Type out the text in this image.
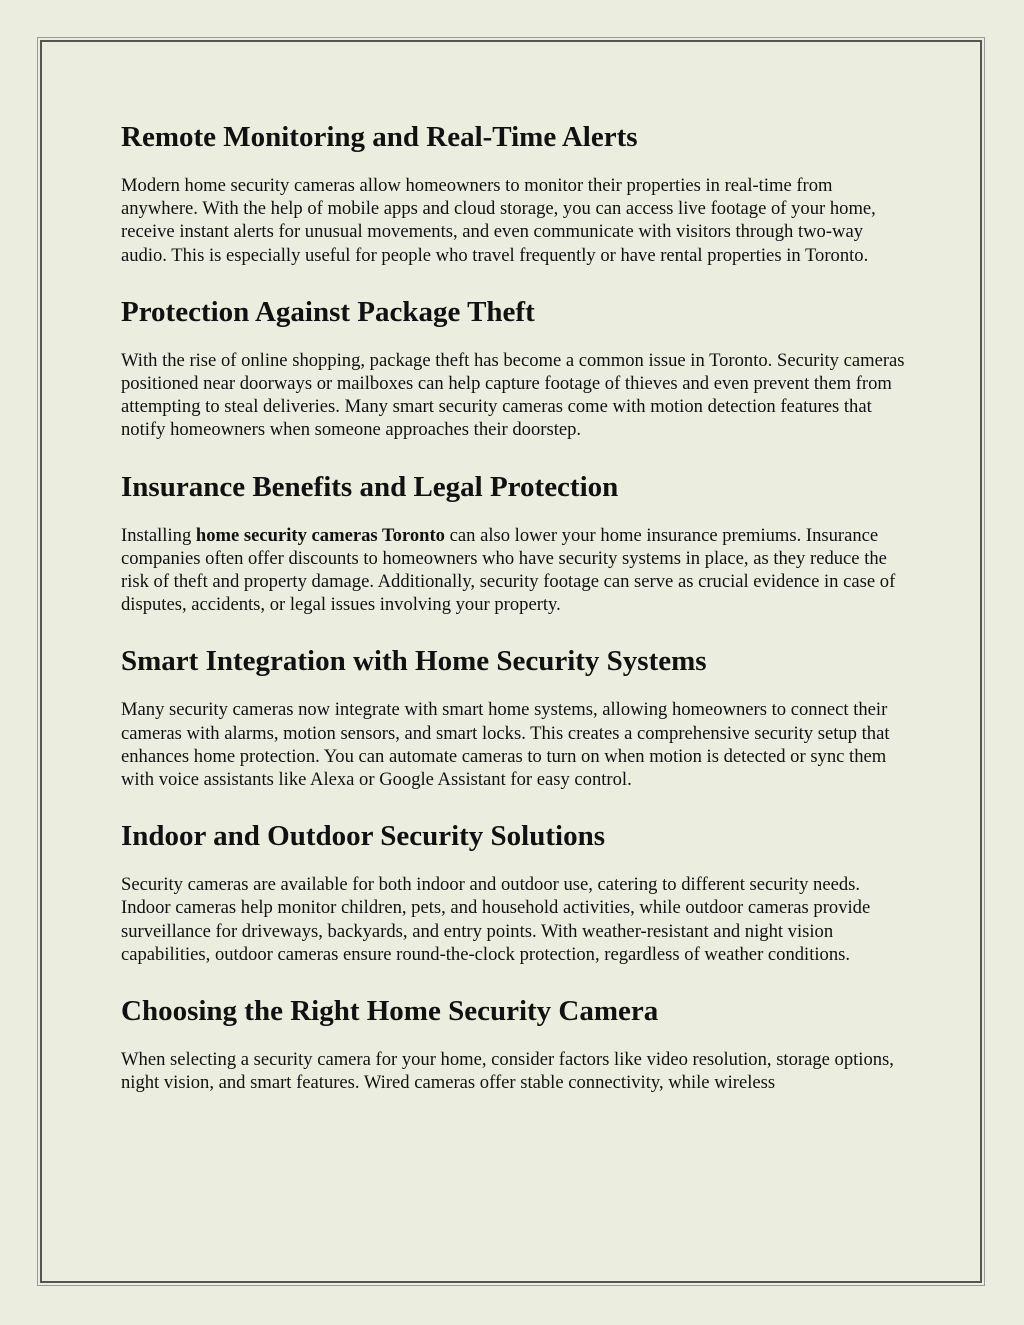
Remote Monitoring and Real-Time Alerts

Modern home security cameras allow homeowners to monitor their properties in real-time from anywhere. With the help of mobile apps and cloud storage, you can access live footage of your home, receive instant alerts for unusual movements, and even communicate with visitors through two-way audio. This is especially useful for people who travel frequently or have rental properties in Toronto.

Protection Against Package Theft

With the rise of online shopping, package theft has become a common issue in Toronto. Security cameras positioned near doorways or mailboxes can help capture footage of thieves and even prevent them from attempting to steal deliveries. Many smart security cameras come with motion detection features that notify homeowners when someone approaches their doorstep.

Insurance Benefits and Legal Protection

Installing home security cameras Toronto can also lower your home insurance premiums. Insurance companies often offer discounts to homeowners who have security systems in place, as they reduce the risk of theft and property damage. Additionally, security footage can serve as crucial evidence in case of disputes, accidents, or legal issues involving your property.

Smart Integration with Home Security Systems

Many security cameras now integrate with smart home systems, allowing homeowners to connect their cameras with alarms, motion sensors, and smart locks. This creates a comprehensive security setup that enhances home protection. You can automate cameras to turn on when motion is detected or sync them with voice assistants like Alexa or Google Assistant for easy control.

Indoor and Outdoor Security Solutions

Security cameras are available for both indoor and outdoor use, catering to different security needs. Indoor cameras help monitor children, pets, and household activities, while outdoor cameras provide surveillance for driveways, backyards, and entry points. With weather-resistant and night vision capabilities, outdoor cameras ensure round-the-clock protection, regardless of weather conditions.

Choosing the Right Home Security Camera

When selecting a security camera for your home, consider factors like video resolution, storage options, night vision, and smart features. Wired cameras offer stable connectivity, while wireless
